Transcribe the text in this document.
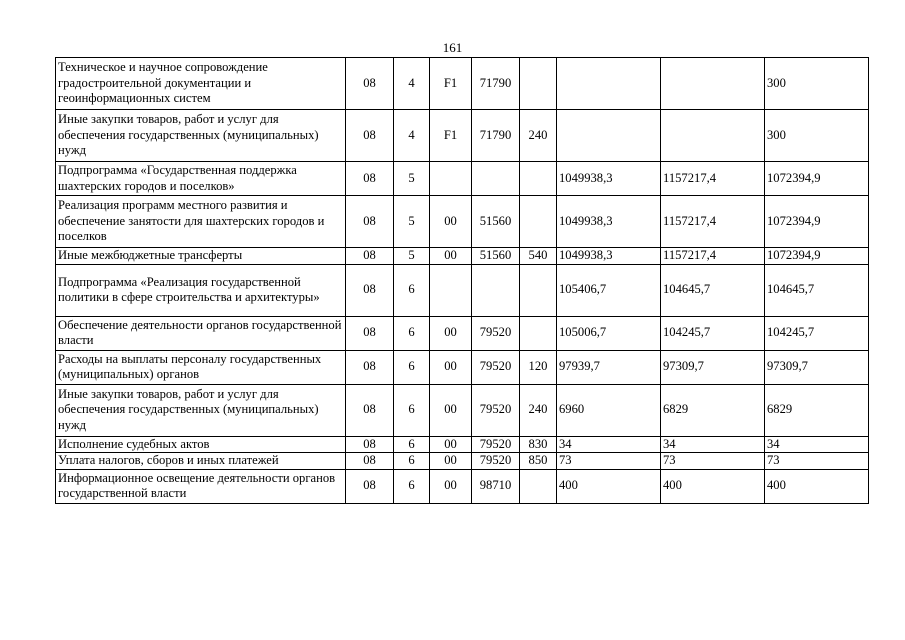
161
Техническое и научное сопровождение градостроительной документации и геоинформационных систем	08	4	F1	71790				300
Иные закупки товаров, работ и услуг для обеспечения государственных (муниципальных) нужд	08	4	F1	71790	240			300
Подпрограмма «Государственная поддержка шахтерских городов и поселков»	08	5				1049938,3	1157217,4	1072394,9
Реализация программ местного развития и обеспечение занятости для шахтерских городов и поселков	08	5	00	51560		1049938,3	1157217,4	1072394,9
Иные межбюджетные трансферты	08	5	00	51560	540	1049938,3	1157217,4	1072394,9
Подпрограмма «Реализация государственной политики в сфере строительства и архитектуры»	08	6				105406,7	104645,7	104645,7
Обеспечение деятельности органов государственной власти	08	6	00	79520		105006,7	104245,7	104245,7
Расходы на выплаты персоналу государственных (муниципальных) органов	08	6	00	79520	120	97939,7	97309,7	97309,7
Иные закупки товаров, работ и услуг для обеспечения государственных (муниципальных) нужд	08	6	00	79520	240	6960	6829	6829
Исполнение судебных актов	08	6	00	79520	830	34	34	34
Уплата налогов, сборов и иных платежей	08	6	00	79520	850	73	73	73
Информационное освещение деятельности органов государственной власти	08	6	00	98710		400	400	400
